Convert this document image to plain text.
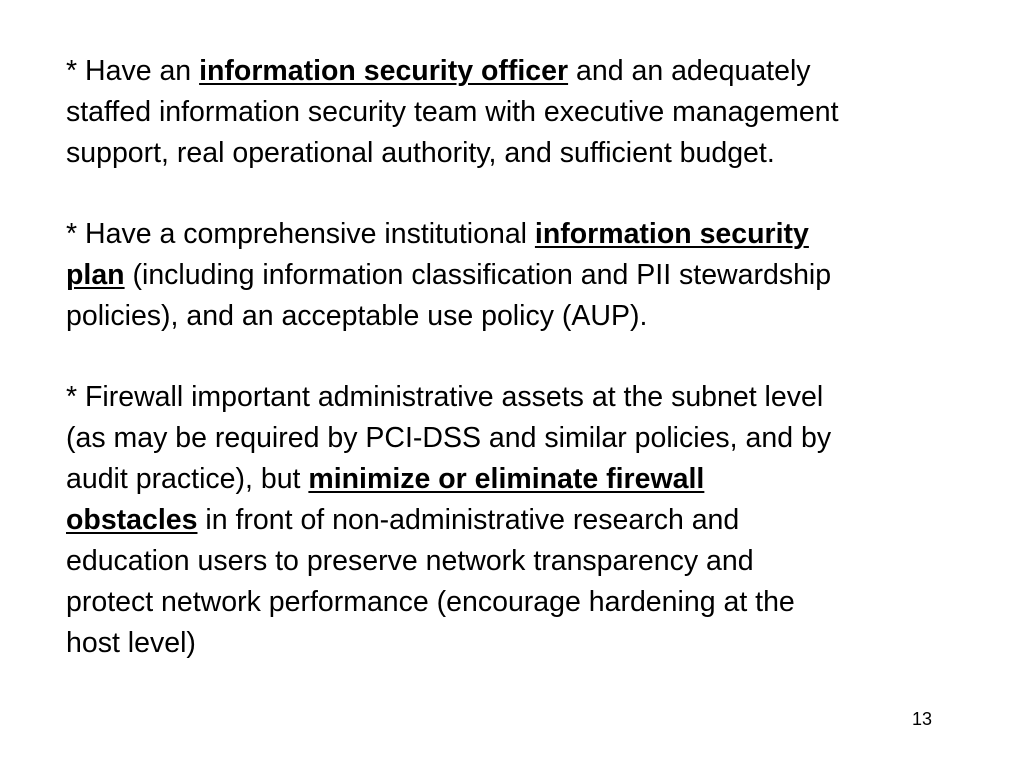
* Have an information security officer and an adequately
staffed information security team with executive management
support, real operational authority, and sufficient budget.
* Have a comprehensive institutional information security
plan (including information classification and PII stewardship
policies), and an acceptable use policy (AUP).
* Firewall important administrative assets at the subnet level
(as may be required by PCI-DSS and similar policies, and by
audit practice), but minimize or eliminate firewall
obstacles in front of non-administrative research and
education users to preserve network transparency and
protect network performance (encourage hardening at the
host level)
13
